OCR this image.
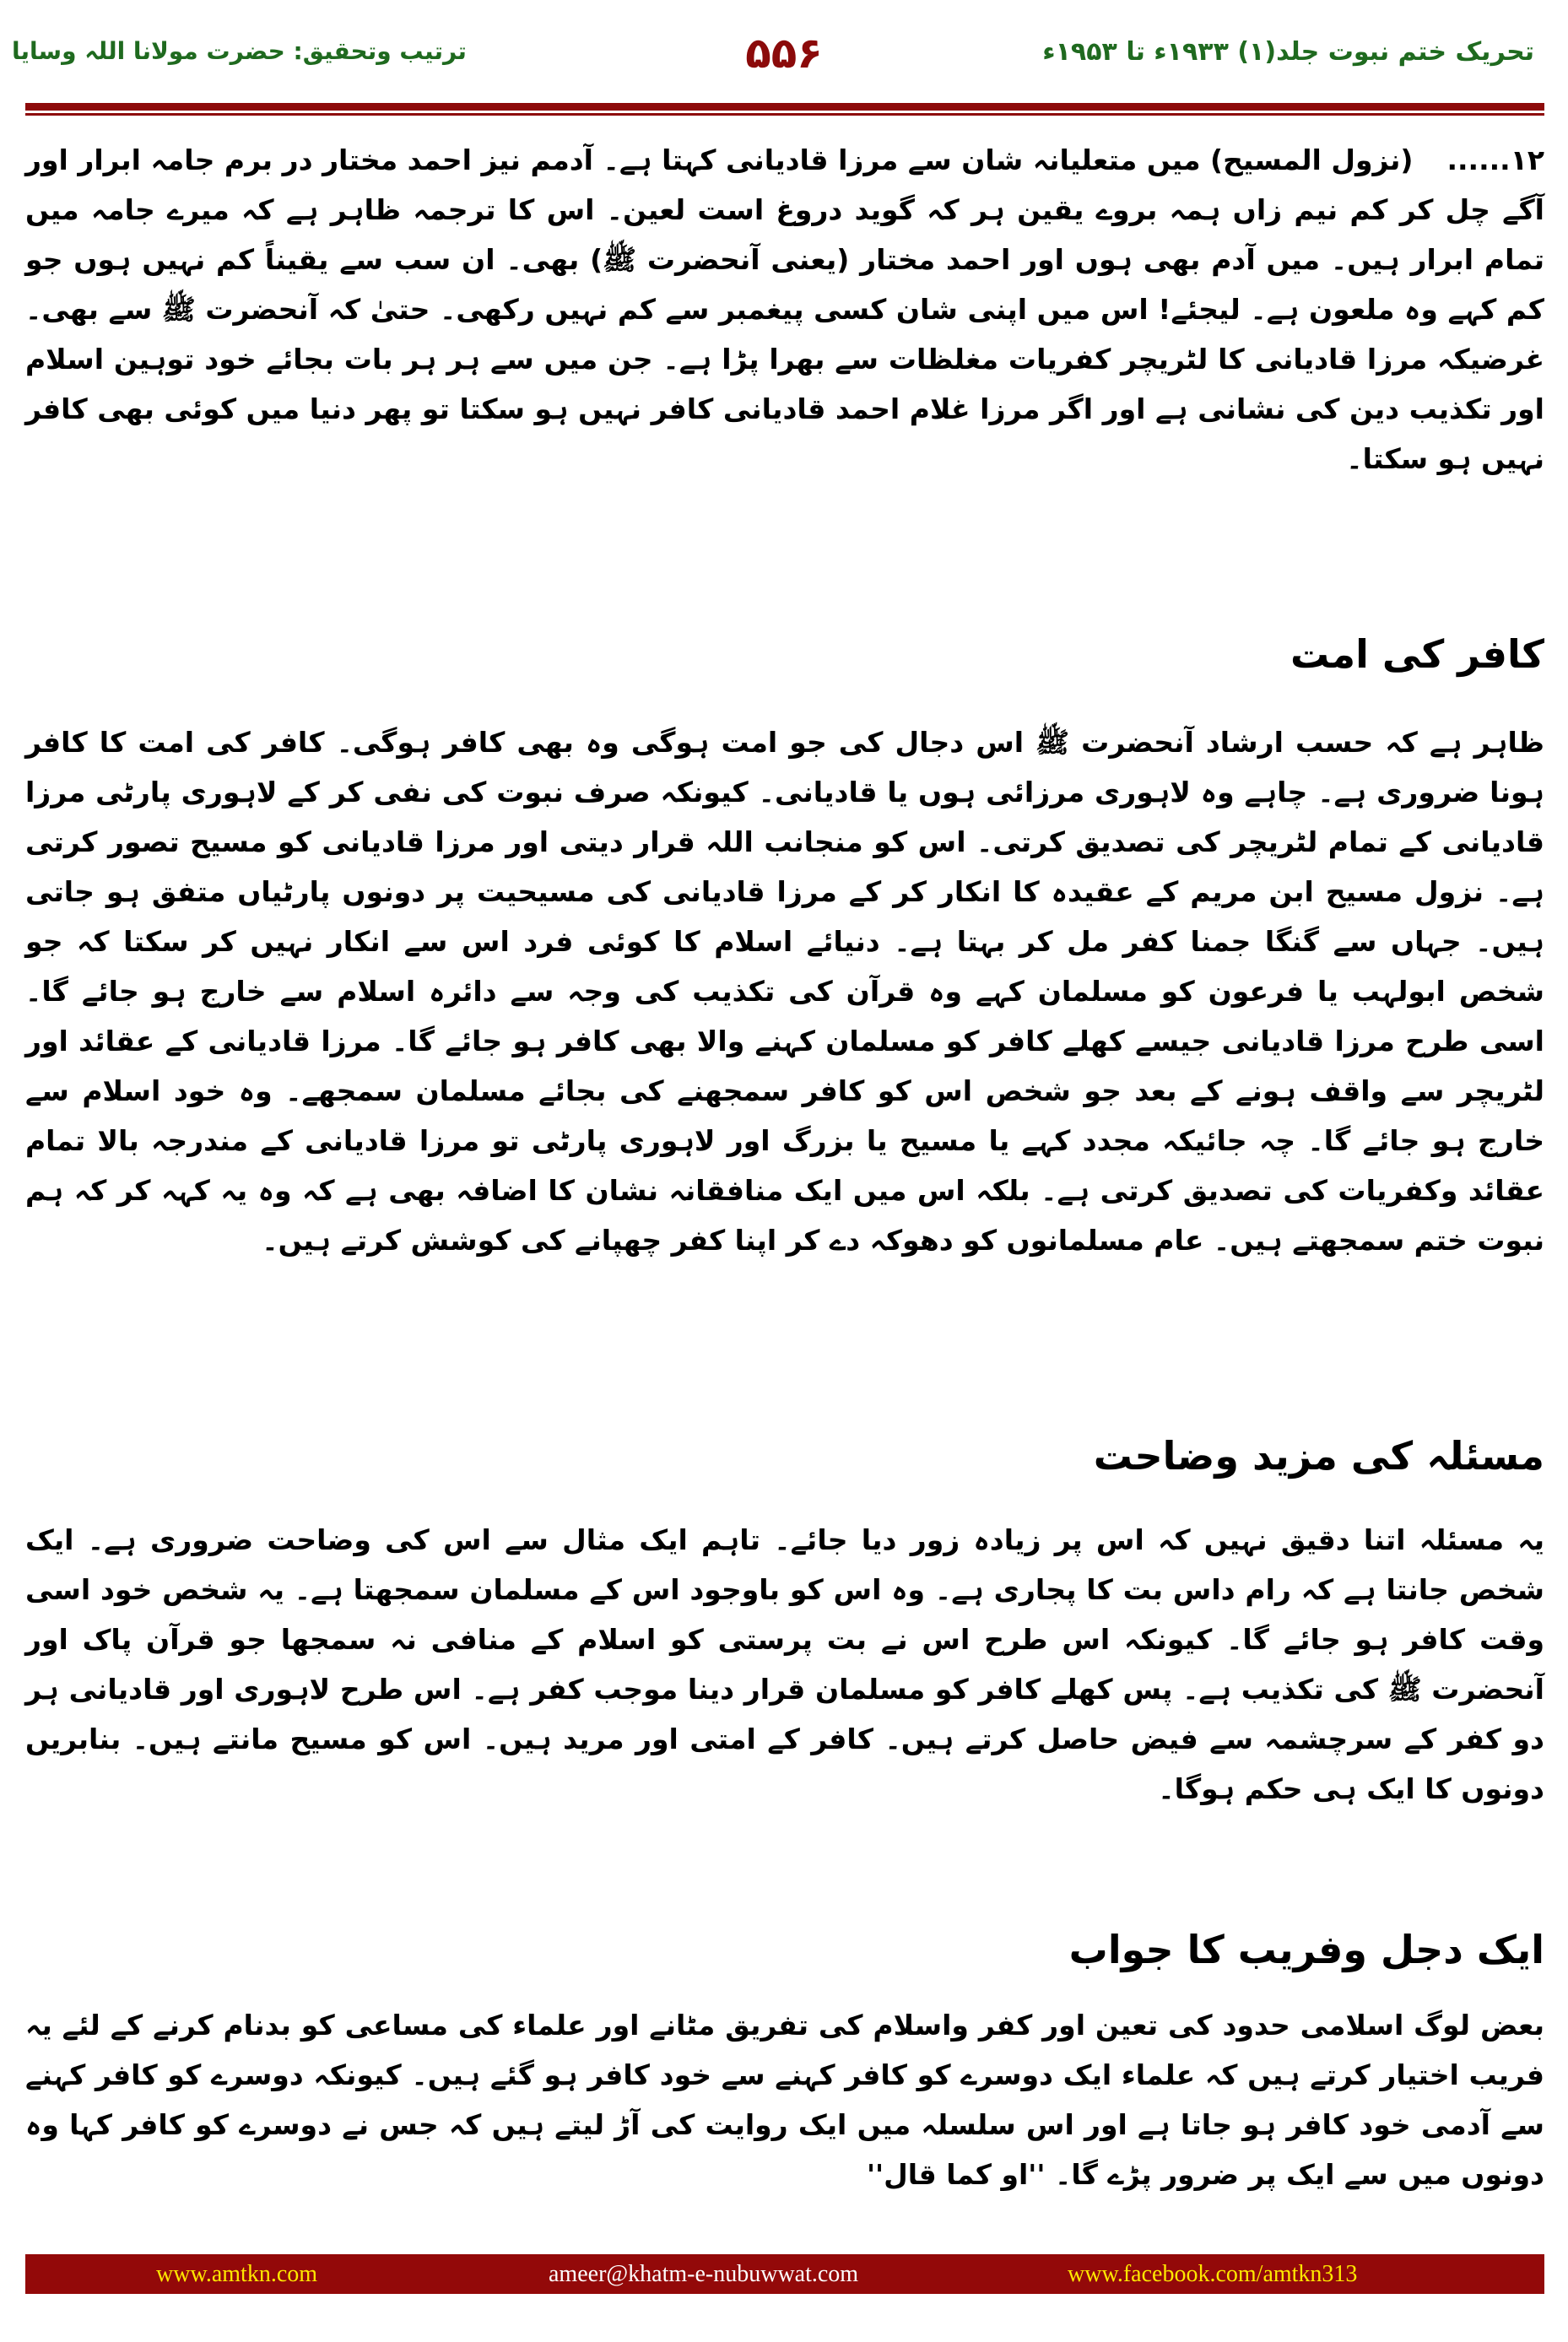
تحریک ختم نبوت جلد(۱) ۱۹۳۳ء تا ۱۹۵۳ء
۵۵۶
ترتیب وتحقیق: حضرت مولانا اللہ وسایا
۱۲......(نزول المسیح) میں متعلیانہ شان سے مرزا قادیانی کہتا ہے۔ آدمم نیز احمد مختار در برم جامہ ابرار اور آگے چل کر کم نیم زاں ہمہ بروے یقین ہر کہ گوید دروغ است لعین۔ اس کا ترجمہ ظاہر ہے کہ میرے جامہ میں تمام ابرار ہیں۔ میں آدم بھی ہوں اور احمد مختار (یعنی آنحضرت ﷺ) بھی۔ ان سب سے یقیناً کم نہیں ہوں جو کم کہے وہ ملعون ہے۔ لیجئے! اس میں اپنی شان کسی پیغمبر سے کم نہیں رکھی۔ حتیٰ کہ آنحضرت ﷺ سے بھی۔ غرضیکہ مرزا قادیانی کا لٹریچر کفریات مغلظات سے بھرا پڑا ہے۔ جن میں سے ہر ہر بات بجائے خود توہین اسلام اور تکذیب دین کی نشانی ہے اور اگر مرزا غلام احمد قادیانی کافر نہیں ہو سکتا تو پھر دنیا میں کوئی بھی کافر نہیں ہو سکتا۔
کافر کی امت
ظاہر ہے کہ حسب ارشاد آنحضرت ﷺ اس دجال کی جو امت ہوگی وہ بھی کافر ہوگی۔ کافر کی امت کا کافر ہونا ضروری ہے۔ چاہے وہ لاہوری مرزائی ہوں یا قادیانی۔ کیونکہ صرف نبوت کی نفی کر کے لاہوری پارٹی مرزا قادیانی کے تمام لٹریچر کی تصدیق کرتی۔ اس کو منجانب اللہ قرار دیتی اور مرزا قادیانی کو مسیح تصور کرتی ہے۔ نزول مسیح ابن مریم کے عقیدہ کا انکار کر کے مرزا قادیانی کی مسیحیت پر دونوں پارٹیاں متفق ہو جاتی ہیں۔ جہاں سے گنگا جمنا کفر مل کر بہتا ہے۔ دنیائے اسلام کا کوئی فرد اس سے انکار نہیں کر سکتا کہ جو شخص ابولہب یا فرعون کو مسلمان کہے وہ قرآن کی تکذیب کی وجہ سے دائرہ اسلام سے خارج ہو جائے گا۔ اسی طرح مرزا قادیانی جیسے کھلے کافر کو مسلمان کہنے والا بھی کافر ہو جائے گا۔ مرزا قادیانی کے عقائد اور لٹریچر سے واقف ہونے کے بعد جو شخص اس کو کافر سمجھنے کی بجائے مسلمان سمجھے۔ وہ خود اسلام سے خارج ہو جائے گا۔ چہ جائیکہ مجدد کہے یا مسیح یا بزرگ اور لاہوری پارٹی تو مرزا قادیانی کے مندرجہ بالا تمام عقائد وکفریات کی تصدیق کرتی ہے۔ بلکہ اس میں ایک منافقانہ نشان کا اضافہ بھی ہے کہ وہ یہ کہہ کر کہ ہم نبوت ختم سمجھتے ہیں۔ عام مسلمانوں کو دھوکہ دے کر اپنا کفر چھپانے کی کوشش کرتے ہیں۔
مسئلہ کی مزید وضاحت
یہ مسئلہ اتنا دقیق نہیں کہ اس پر زیادہ زور دیا جائے۔ تاہم ایک مثال سے اس کی وضاحت ضروری ہے۔ ایک شخص جانتا ہے کہ رام داس بت کا پجاری ہے۔ وہ اس کو باوجود اس کے مسلمان سمجھتا ہے۔ یہ شخص خود اسی وقت کافر ہو جائے گا۔ کیونکہ اس طرح اس نے بت پرستی کو اسلام کے منافی نہ سمجھا جو قرآن پاک اور آنحضرت ﷺ کی تکذیب ہے۔ پس کھلے کافر کو مسلمان قرار دینا موجب کفر ہے۔ اس طرح لاہوری اور قادیانی ہر دو کفر کے سرچشمہ سے فیض حاصل کرتے ہیں۔ کافر کے امتی اور مرید ہیں۔ اس کو مسیح مانتے ہیں۔ بنابریں دونوں کا ایک ہی حکم ہوگا۔
ایک دجل وفریب کا جواب
بعض لوگ اسلامی حدود کی تعین اور کفر واسلام کی تفریق مٹانے اور علماء کی مساعی کو بدنام کرنے کے لئے یہ فریب اختیار کرتے ہیں کہ علماء ایک دوسرے کو کافر کہنے سے خود کافر ہو گئے ہیں۔ کیونکہ دوسرے کو کافر کہنے سے آدمی خود کافر ہو جاتا ہے اور اس سلسلہ میں ایک روایت کی آڑ لیتے ہیں کہ جس نے دوسرے کو کافر کہا وہ دونوں میں سے ایک پر ضرور پڑے گا۔ ''او کما قال''
www.amtkn.com	ameer@khatm-e-nubuwwat.com	www.facebook.com/amtkn313
